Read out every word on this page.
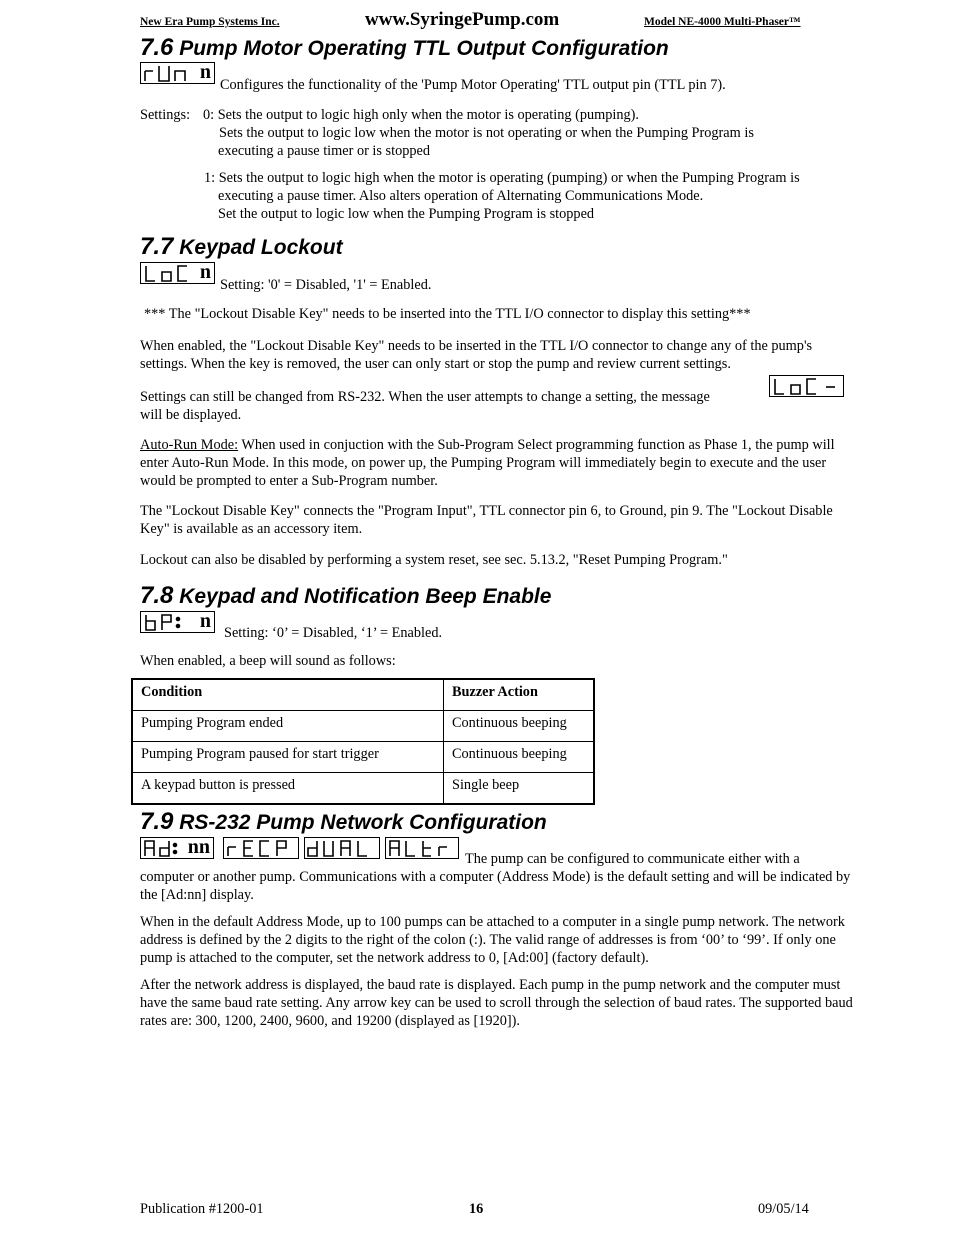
New Era Pump Systems Inc.	www.SyringePump.com	Model NE-4000 Multi-Phaser™
7.6 Pump Motor Operating TTL Output Configuration
n
Configures the functionality of the 'Pump Motor Operating' TTL output pin (TTL pin 7).
Settings: 0: Sets the output to logic high only when the motor is operating (pumping).
Sets the output to logic low when the motor is not operating or when the Pumping Program is
executing a pause timer or is stopped
1: Sets the output to logic high when the motor is operating (pumping) or when the Pumping Program is
executing a pause timer. Also alters operation of Alternating Communications Mode.
Set the output to logic low when the Pumping Program is stopped
7.7 Keypad Lockout
n
Setting: '0' = Disabled, '1' = Enabled.
*** The "Lockout Disable Key" needs to be inserted into the TTL I/O connector to display this setting***
When enabled, the "Lockout Disable Key" needs to be inserted in the TTL I/O connector to change any of the pump's settings. When the key is removed, the user can only start or stop the pump and review current settings.
Settings can still be changed from RS-232. When the user attempts to change a setting, the message
will be displayed.
Auto-Run Mode: When used in conjuction with the Sub-Program Select programming function as Phase 1, the pump will enter Auto-Run Mode. In this mode, on power up, the Pumping Program will immediately begin to execute and the user would be prompted to enter a Sub-Program number.
The "Lockout Disable Key" connects the "Program Input", TTL connector pin 6, to Ground, pin 9. The "Lockout Disable Key" is available as an accessory item.
Lockout can also be disabled by performing a system reset, see sec. 5.13.2, "Reset Pumping Program."
7.8 Keypad and Notification Beep Enable
n
Setting: ‘0’ = Disabled, ‘1’ = Enabled.
When enabled, a beep will sound as follows:
Condition	Buzzer Action
Pumping Program ended	Continuous beeping
Pumping Program paused for start trigger	Continuous beeping
A keypad button is pressed	Single beep
7.9 RS-232 Pump Network Configuration
nn
The pump can be configured to communicate either with a
computer or another pump. Communications with a computer (Address Mode) is the default setting and will be indicated by the [Ad:nn] display.
When in the default Address Mode, up to 100 pumps can be attached to a computer in a single pump network. The network address is defined by the 2 digits to the right of the colon (:). The valid range of addresses is from ‘00’ to ‘99’. If only one pump is attached to the computer, set the network address to 0, [Ad:00] (factory default).
After the network address is displayed, the baud rate is displayed. Each pump in the pump network and the computer must have the same baud rate setting. Any arrow key can be used to scroll through the selection of baud rates. The supported baud rates are: 300, 1200, 2400, 9600, and 19200 (displayed as [1920]).
Publication #1200-01	16	09/05/14
